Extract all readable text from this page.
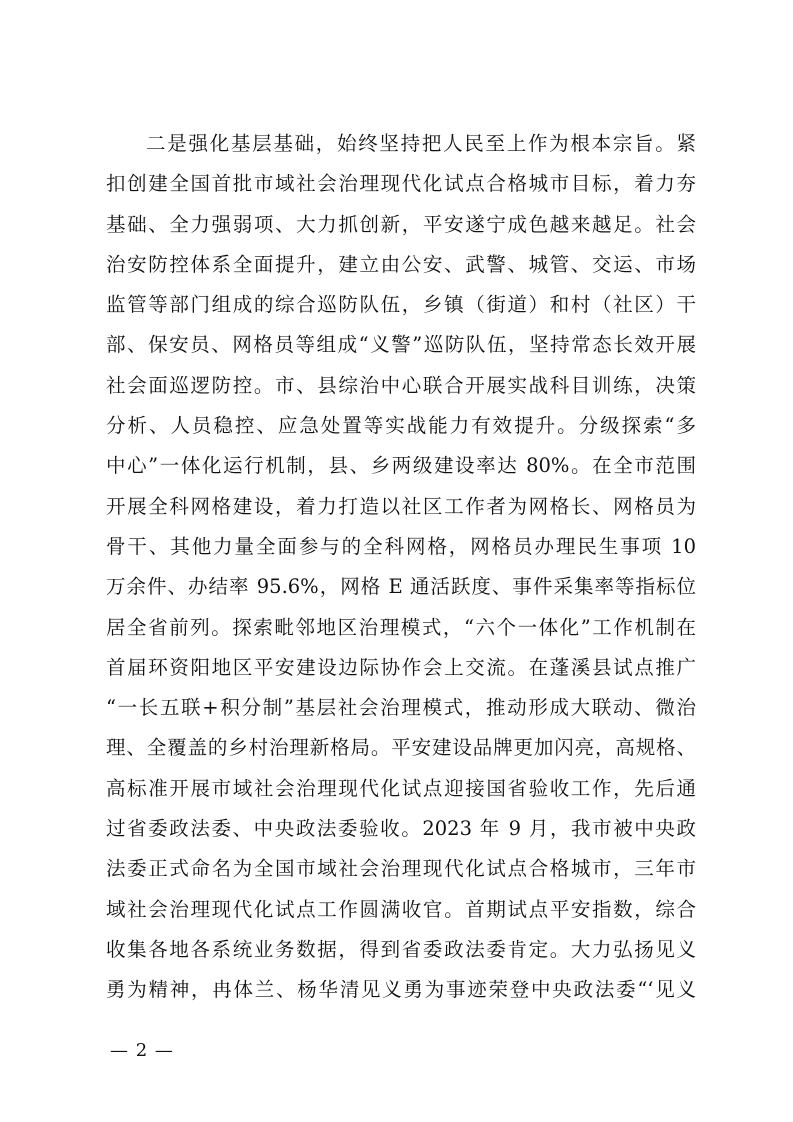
二是强化基层基础，始终坚持把人民至上作为根本宗旨。紧
扣创建全国首批市域社会治理现代化试点合格城市目标，着力夯
基础、全力强弱项、大力抓创新，平安遂宁成色越来越足。社会
治安防控体系全面提升，建立由公安、武警、城管、交运、市场
监管等部门组成的综合巡防队伍，乡镇（街道）和村（社区）干
部、保安员、网格员等组成“义警”巡防队伍，坚持常态长效开展
社会面巡逻防控。市、县综治中心联合开展实战科目训练，决策
分析、人员稳控、应急处置等实战能力有效提升。分级探索“多
中心”一体化运行机制，县、乡两级建设率达 80%。在全市范围
开展全科网格建设，着力打造以社区工作者为网格长、网格员为
骨干、其他力量全面参与的全科网格，网格员办理民生事项 10
万余件、办结率 95.6%，网格 E 通活跃度、事件采集率等指标位
居全省前列。探索毗邻地区治理模式，“六个一体化”工作机制在
首届环资阳地区平安建设边际协作会上交流。在蓬溪县试点推广
“一长五联+积分制”基层社会治理模式，推动形成大联动、微治
理、全覆盖的乡村治理新格局。平安建设品牌更加闪亮，高规格、
高标准开展市域社会治理现代化试点迎接国省验收工作，先后通
过省委政法委、中央政法委验收。2023 年 9 月，我市被中央政
法委正式命名为全国市域社会治理现代化试点合格城市，三年市
域社会治理现代化试点工作圆满收官。首期试点平安指数，综合
收集各地各系统业务数据，得到省委政法委肯定。大力弘扬见义
勇为精神，冉体兰、杨华清见义勇为事迹荣登中央政法委“‘见义
— 2 —
